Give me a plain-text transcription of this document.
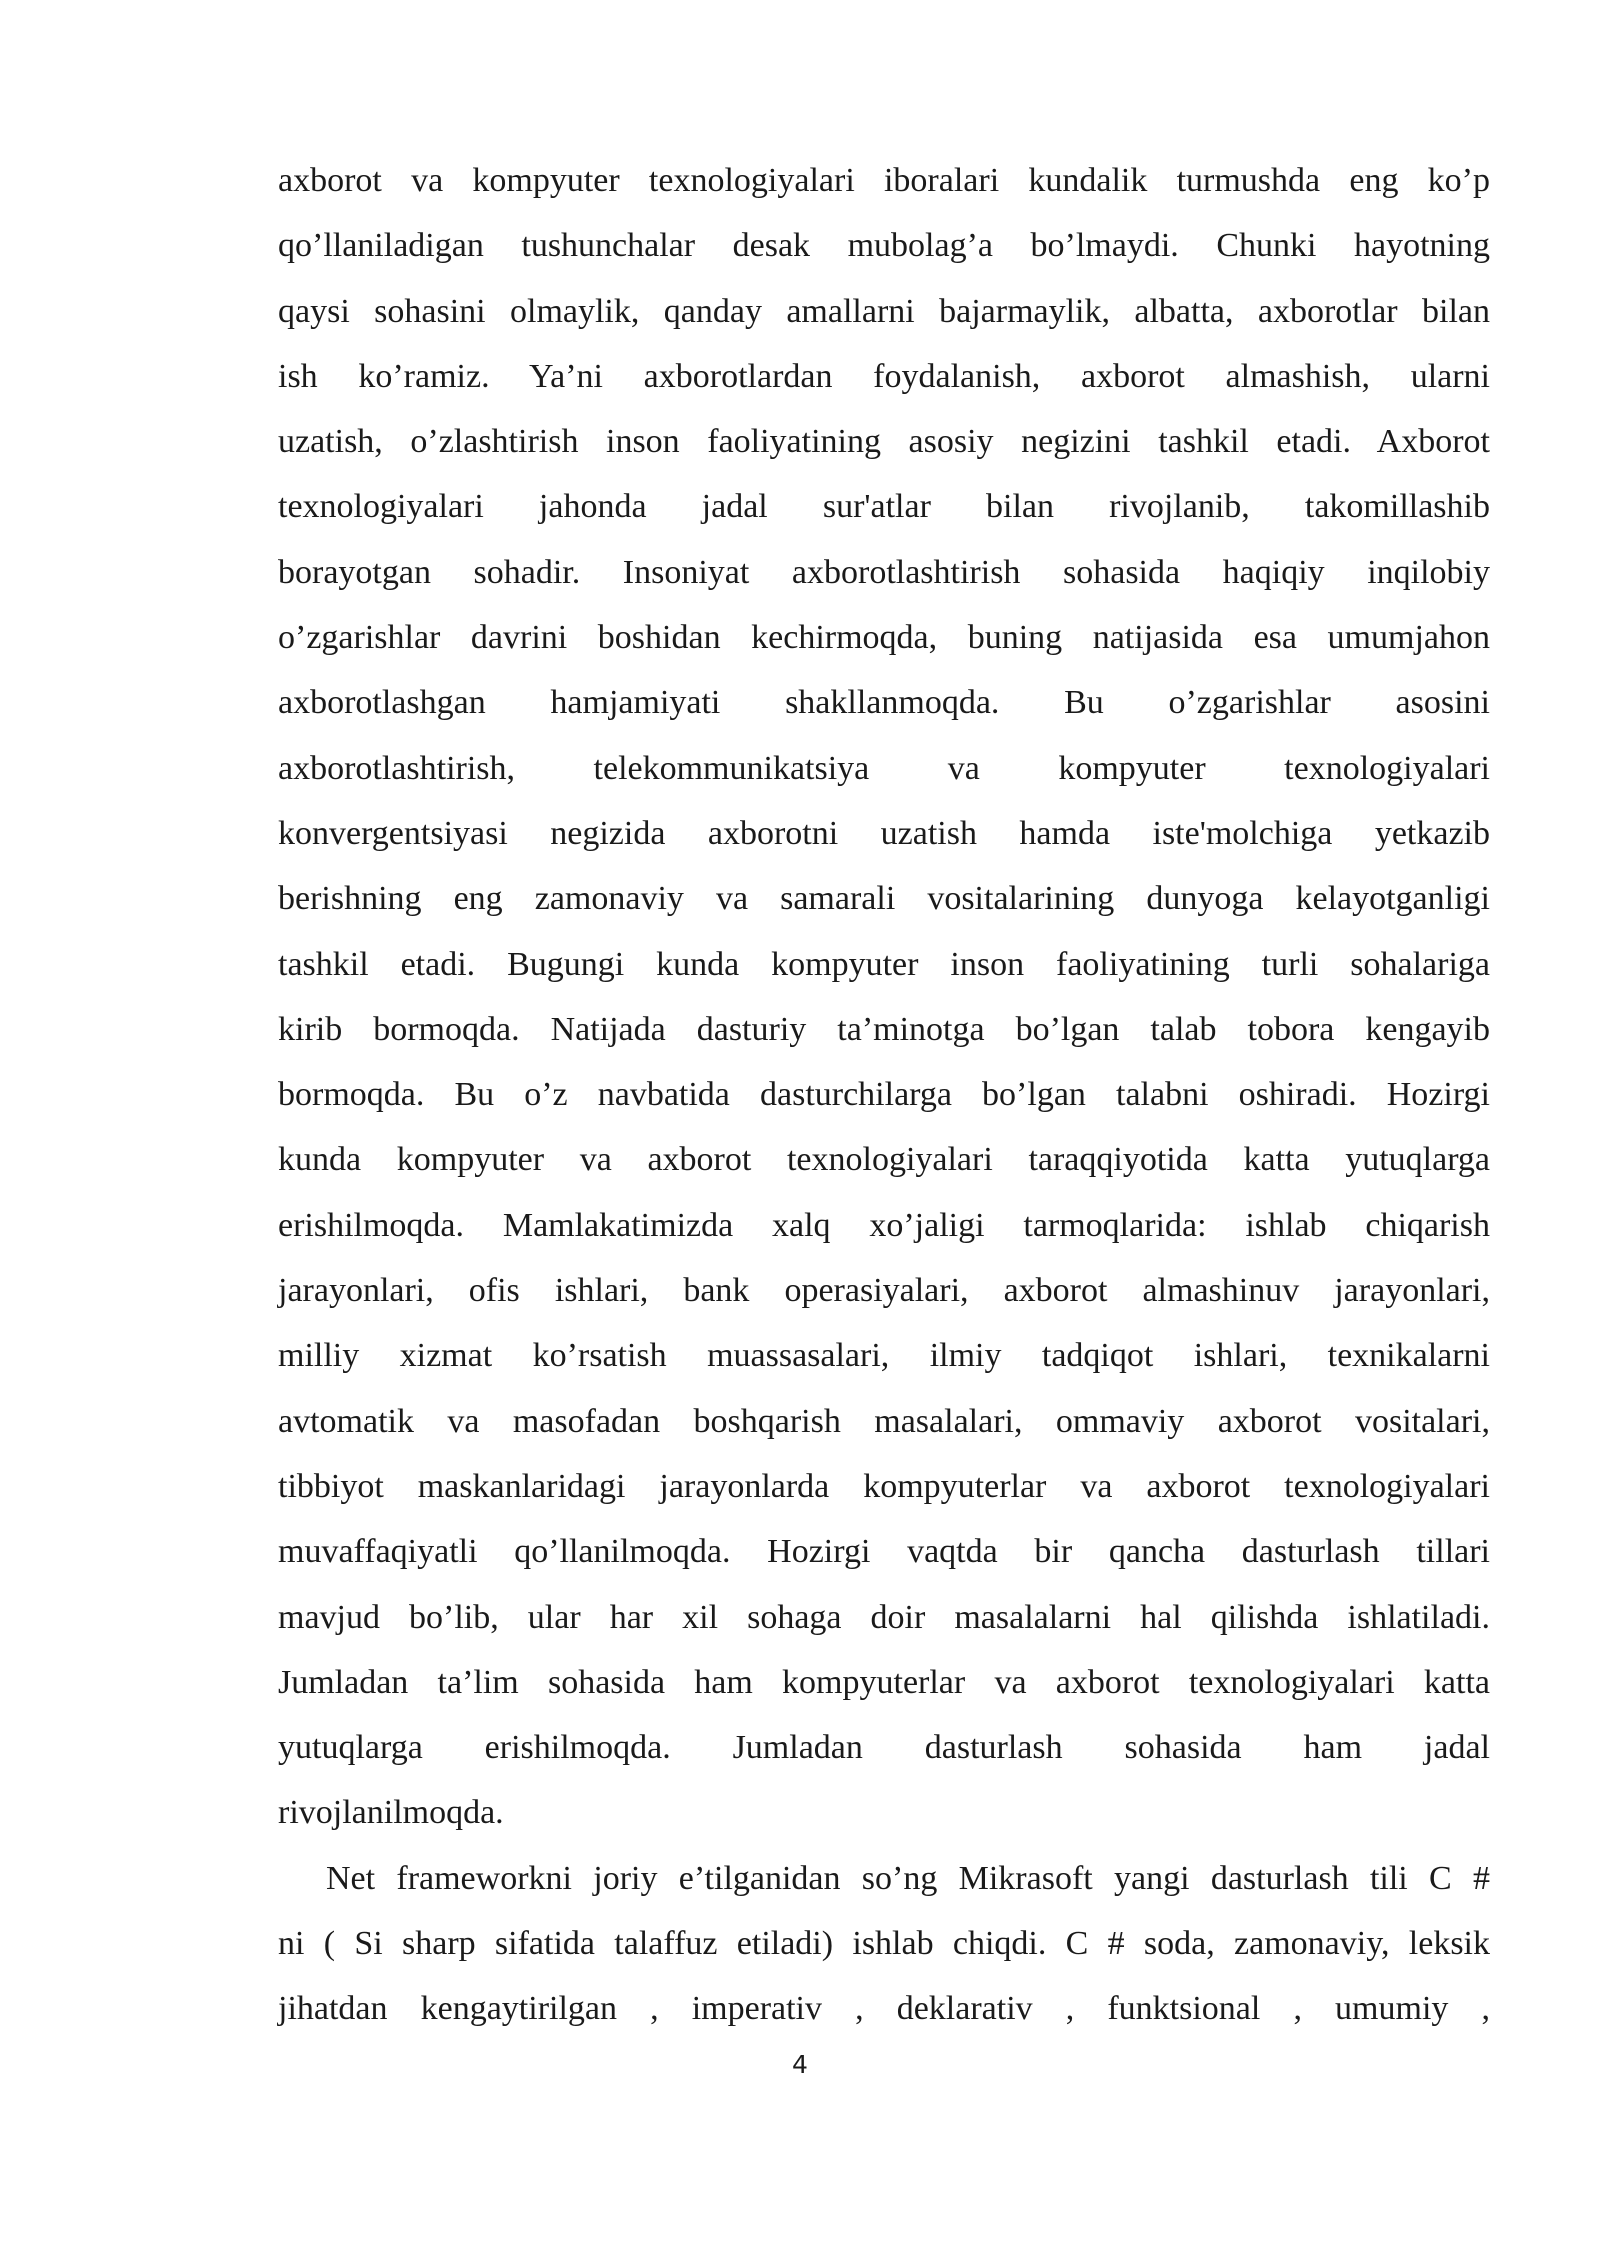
axborot va kompyuter texnologiyalari iboralari kundalik turmushda eng ko’p
qo’llaniladigan tushunchalar desak mubolag’a bo’lmaydi. Chunki hayotning
qaysi sohasini olmaylik, qanday amallarni bajarmaylik, albatta, axborotlar bilan
ish ko’ramiz. Ya’ni axborotlardan foydalanish, axborot almashish, ularni
uzatish, o’zlashtirish inson faoliyatining asosiy negizini tashkil etadi. Axborot
texnologiyalari jahonda jadal sur'atlar bilan rivojlanib, takomillashib
borayotgan sohadir. Insoniyat axborotlashtirish sohasida haqiqiy inqilobiy
o’zgarishlar davrini boshidan kechirmoqda, buning natijasida esa umumjahon
axborotlashgan hamjamiyati shakllanmoqda. Bu o’zgarishlar asosini
axborotlashtirish, telekommunikatsiya va kompyuter texnologiyalari
konvergentsiyasi negizida axborotni uzatish hamda iste'molchiga yetkazib
berishning eng zamonaviy va samarali vositalarining dunyoga kelayotganligi
tashkil etadi. Bugungi kunda kompyuter inson faoliyatining turli sohalariga
kirib bormoqda. Natijada dasturiy ta’minotga bo’lgan talab tobora kengayib
bormoqda. Bu o’z navbatida dasturchilarga bo’lgan talabni oshiradi. Hozirgi
kunda kompyuter va axborot texnologiyalari taraqqiyotida katta yutuqlarga
erishilmoqda. Mamlakatimizda xalq xo’jaligi tarmoqlarida: ishlab chiqarish
jarayonlari, ofis ishlari, bank operasiyalari, axborot almashinuv jarayonlari,
milliy xizmat ko’rsatish muassasalari, ilmiy tadqiqot ishlari, texnikalarni
avtomatik va masofadan boshqarish masalalari, ommaviy axborot vositalari,
tibbiyot maskanlaridagi jarayonlarda kompyuterlar va axborot texnologiyalari
muvaffaqiyatli qo’llanilmoqda. Hozirgi vaqtda bir qancha dasturlash tillari
mavjud bo’lib, ular har xil sohaga doir masalalarni hal qilishda ishlatiladi.
Jumladan ta’lim sohasida ham kompyuterlar va axborot texnologiyalari katta
yutuqlarga erishilmoqda. Jumladan dasturlash sohasida ham jadal
rivojlanilmoqda.
Net frameworkni joriy e’tilganidan so’ng Mikrasoft yangi dasturlash tili C #
ni ( Si sharp sifatida talaffuz etiladi) ishlab chiqdi. C # soda, zamonaviy, leksik
jihatdan kengaytirilgan , imperativ , deklarativ , funktsional , umumiy ,
4
